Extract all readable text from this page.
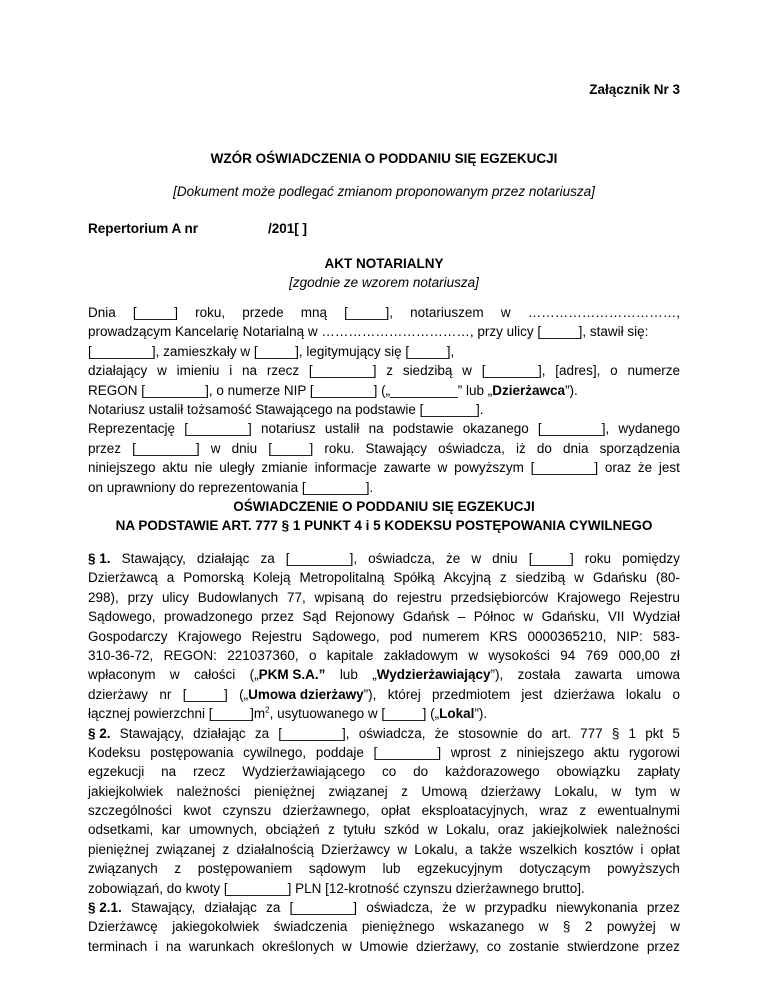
Załącznik Nr 3
WZÓR OŚWIADCZENIA O PODDANIU SIĘ EGZEKUCJI
[Dokument może podlegać zmianom proponowanym przez notariusza]
Repertorium A nr	/201[ ]
AKT NOTARIALNY
[zgodnie ze wzorem notariusza]
Dnia [_____] roku, przede mną [_____], notariuszem w ……………………………,
prowadzącym Kancelarię Notarialną w ……………………………, przy ulicy [_____], stawił się:
[________], zamieszkały w [_____], legitymujący się [_____],
działający w imieniu i na rzecz [________] z siedzibą w [_______], [adres], o numerze
REGON [________], o numerze NIP [________] („_________” lub „Dzierżawca”).
Notariusz ustalił tożsamość Stawającego na podstawie [_______].
Reprezentację [________] notariusz ustalił na podstawie okazanego [________], wydanego
przez [________] w dniu [_____] roku. Stawający oświadcza, iż do dnia sporządzenia
niniejszego aktu nie uległy zmianie informacje zawarte w powyższym [________] oraz że jest
on uprawniony do reprezentowania [________].
OŚWIADCZENIE O PODDANIU SIĘ EGZEKUCJI
NA PODSTAWIE ART. 777 § 1 PUNKT 4 i 5 KODEKSU POSTĘPOWANIA CYWILNEGO
§ 1. Stawający, działając za [________], oświadcza, że w dniu [_____] roku pomiędzy
Dzierżawcą a Pomorską Koleją Metropolitalną Spółką Akcyjną z siedzibą w Gdańsku (80-
298), przy ulicy Budowlanych 77, wpisaną do rejestru przedsiębiorców Krajowego Rejestru
Sądowego, prowadzonego przez Sąd Rejonowy Gdańsk – Północ w Gdańsku, VII Wydział
Gospodarczy Krajowego Rejestru Sądowego, pod numerem KRS 0000365210, NIP: 583-
310-36-72, REGON: 221037360, o kapitale zakładowym w wysokości 94 769 000,00 zł
wpłaconym w całości („PKM S.A.” lub „Wydzierżawiający”), została zawarta umowa
dzierżawy nr [_____] („Umowa dzierżawy”), której przedmiotem jest dzierżawa lokalu o
łącznej powierzchni $[\_\_\_\_\_]m^2$, usytuowanego w [_____] („Lokal”).
§ 2. Stawający, działając za [________], oświadcza, że stosownie do art. 777 § 1 pkt 5
Kodeksu postępowania cywilnego, poddaje [________] wprost z niniejszego aktu rygorowi
egzekucji na rzecz Wydzierżawiającego co do każdorazowego obowiązku zapłaty
jakiejkolwiek należności pieniężnej związanej z Umową dzierżawy Lokalu, w tym w
szczególności kwot czynszu dzierżawnego, opłat eksploatacyjnych, wraz z ewentualnymi
odsetkami, kar umownych, obciążeń z tytułu szkód w Lokalu, oraz jakiejkolwiek należności
pieniężnej związanej z działalnością Dzierżawcy w Lokalu, a także wszelkich kosztów i opłat
związanych z postępowaniem sądowym lub egzekucyjnym dotyczącym powyższych
zobowiązań, do kwoty [________] PLN [12-krotność czynszu dzierżawnego brutto].
§ 2.1. Stawający, działając za [________] oświadcza, że w przypadku niewykonania przez
Dzierżawcę jakiegokolwiek świadczenia pieniężnego wskazanego w § 2 powyżej w
terminach i na warunkach określonych w Umowie dzierżawy, co zostanie stwierdzone przez
